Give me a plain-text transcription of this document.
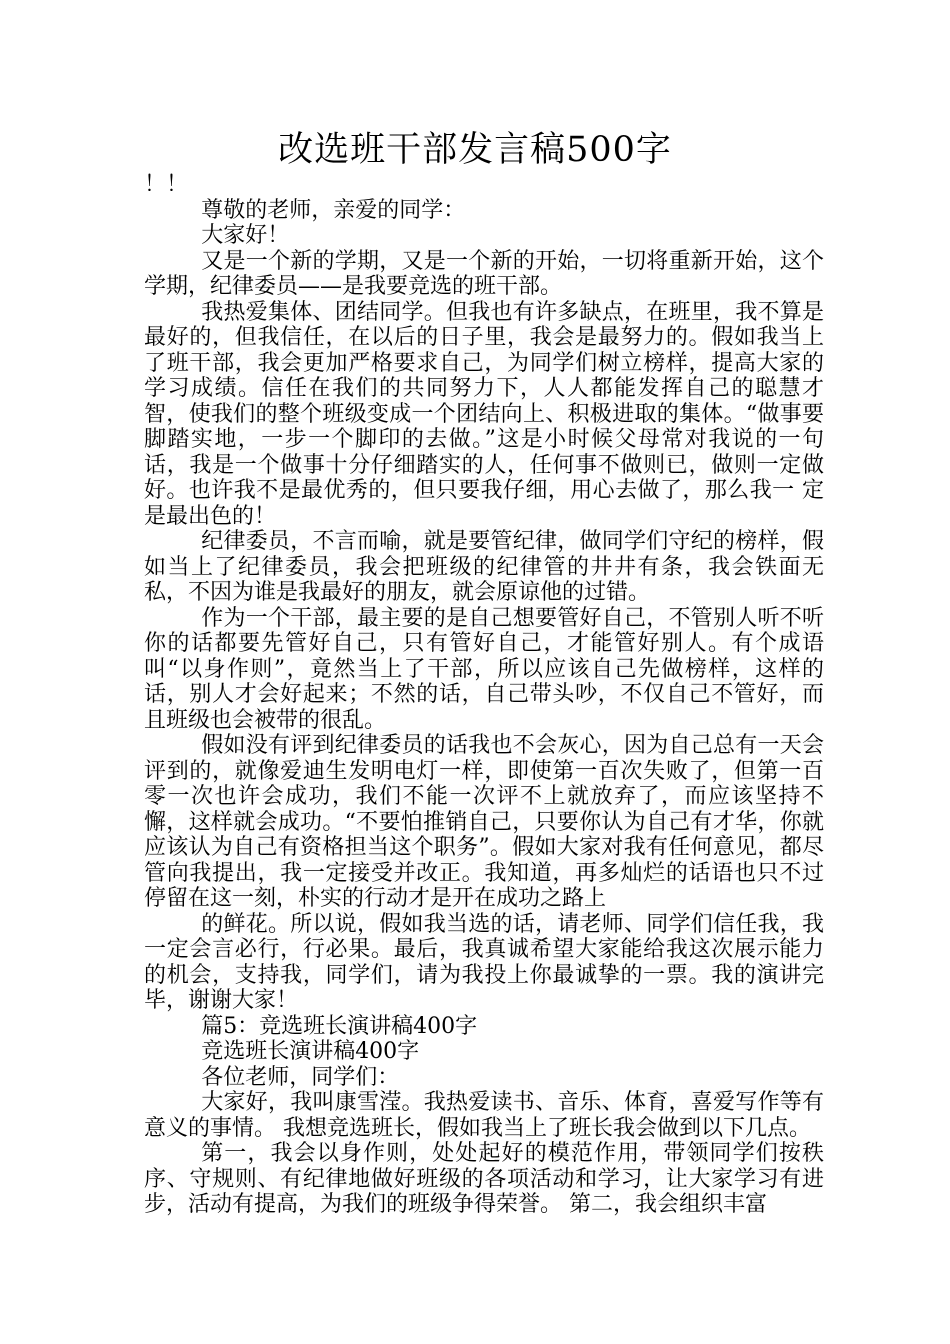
改选班干部发言稿500字

！！

尊敬的老师，亲爱的同学：

大家好！

又是一个新的学期，又是一个新的开始，一切将重新开始，这个学期，纪律委员——是我要竞选的班干部。

我热爱集体、团结同学。但我也有许多缺点，在班里，我不算是最好的，但我信任，在以后的日子里，我会是最努力的。假如我当上了班干部，我会更加严格要求自己，为同学们树立榜样，提高大家的学习成绩。信任在我们的共同努力下，人人都能发挥自己的聪慧才智，使我们的整个班级变成一个团结向上、积极进取的集体。“做事要脚踏实地，一步一个脚印的去做。”这是小时候父母常对我说的一句话，我是一个做事十分仔细踏实的人，任何事不做则已，做则一定做好。也许我不是最优秀的，但只要我仔细，用心去做了，那么我一 定是最出色的！

纪律委员，不言而喻，就是要管纪律，做同学们守纪的榜样，假如当上了纪律委员，我会把班级的纪律管的井井有条，我会铁面无私，不因为谁是我最好的朋友，就会原谅他的过错。

作为一个干部，最主要的是自己想要管好自己，不管别人听不听你的话都要先管好自己，只有管好自己，才能管好别人。有个成语叫“以身作则”，竟然当上了干部，所以应该自己先做榜样，这样的话，别人才会好起来；不然的话，自己带头吵，不仅自己不管好，而且班级也会被带的很乱。

假如没有评到纪律委员的话我也不会灰心，因为自己总有一天会评到的，就像爱迪生发明电灯一样，即使第一百次失败了，但第一百零一次也许会成功，我们不能一次评不上就放弃了，而应该坚持不懈，这样就会成功。“不要怕推销自己，只要你认为自己有才华，你就应该认为自己有资格担当这个职务”。假如大家对我有任何意见，都尽管向我提出，我一定接受并改正。我知道，再多灿烂的话语也只不过停留在这一刻，朴实的行动才是开在成功之路上

的鲜花。所以说，假如我当选的话，请老师、同学们信任我，我一定会言必行，行必果。最后，我真诚希望大家能给我这次展示能力的机会，支持我，同学们，请为我投上你最诚挚的一票。我的演讲完毕，谢谢大家！

篇5：竞选班长演讲稿400字

竞选班长演讲稿400字

各位老师，同学们：

大家好，我叫康雪滢。我热爱读书、音乐、体育，喜爱写作等有意义的事情。 我想竞选班长，假如我当上了班长我会做到以下几点。

第一，我会以身作则，处处起好的模范作用，带领同学们按秩序、守规则、有纪律地做好班级的各项活动和学习，让大家学习有进步，活动有提高，为我们的班级争得荣誉。 第二，我会组织丰富
